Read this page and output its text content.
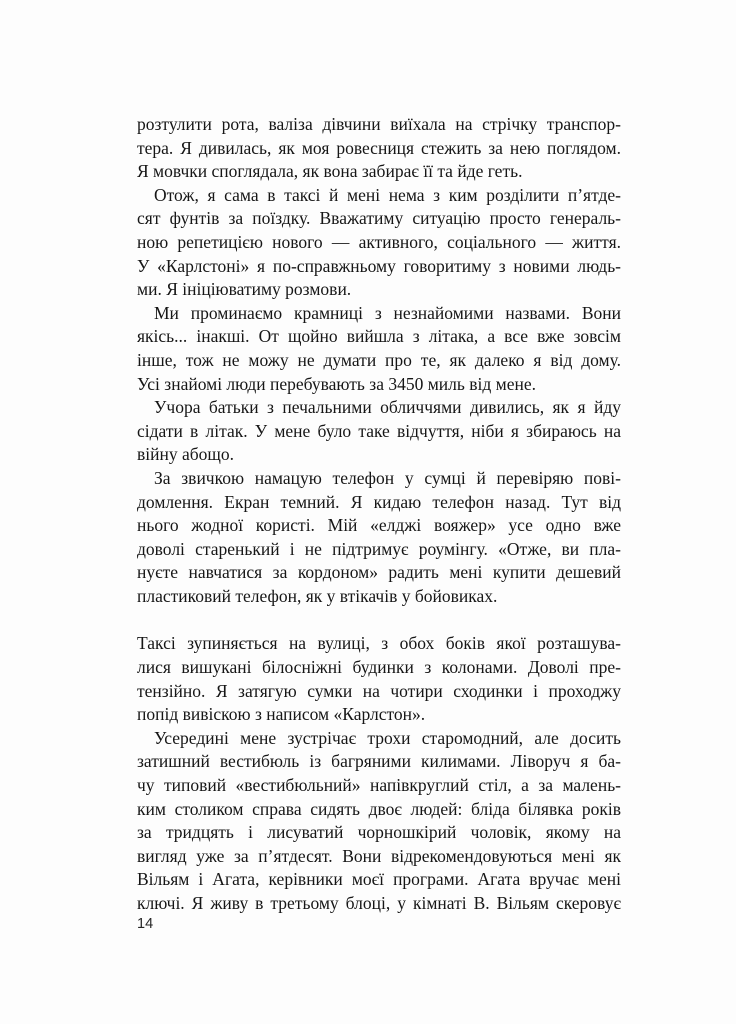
розтулити рота, валіза дівчини виїхала на стрічку транспор-
тера. Я дивилась, як моя ровесниця стежить за нею поглядом.
Я мовчки споглядала, як вона забирає її та йде геть.
Отож, я сама в таксі й мені нема з ким розділити п’ятде-
сят фунтів за поїздку. Вважатиму ситуацію просто генераль-
ною репетицією нового — активного, соціального — життя.
У «Карлстоні» я по-справжньому говоритиму з новими людь-
ми. Я ініціюватиму розмови.
Ми проминаємо крамниці з незнайомими назвами. Вони
якісь... інакші. От щойно вийшла з літака, а все вже зовсім
інше, тож не можу не думати про те, як далеко я від дому.
Усі знайомі люди перебувають за 3450 миль від мене.
Учора батьки з печальними обличчями дивились, як я йду
сідати в літак. У мене було таке відчуття, ніби я збираюсь на
війну абощо.
За звичкою намацую телефон у сумці й перевіряю пові-
домлення. Екран темний. Я кидаю телефон назад. Тут від
нього жодної користі. Мій «елджі вояжер» усе одно вже
доволі старенький і не підтримує роумінгу. «Отже, ви пла-
нуєте навчатися за кордоном» радить мені купити дешевий
пластиковий телефон, як у втікачів у бойовиках.
Таксі зупиняється на вулиці, з обох боків якої розташува-
лися вишукані білосніжні будинки з колонами. Доволі пре-
тензійно. Я затягую сумки на чотири сходинки і проходжу
попід вивіскою з написом «Карлстон».
Усередині мене зустрічає трохи старомодний, але досить
затишний вестибюль із багряними килимами. Ліворуч я ба-
чу типовий «вестибюльний» напівкруглий стіл, а за малень-
ким столиком справа сидять двоє людей: бліда білявка років
за тридцять і лисуватий чорношкірий чоловік, якому на
вигляд уже за п’ятдесят. Вони відрекомендовуються мені як
Вільям і Агата, керівники моєї програми. Агата вручає мені
ключі. Я живу в третьому блоці, у кімнаті В. Вільям скеровує
14
